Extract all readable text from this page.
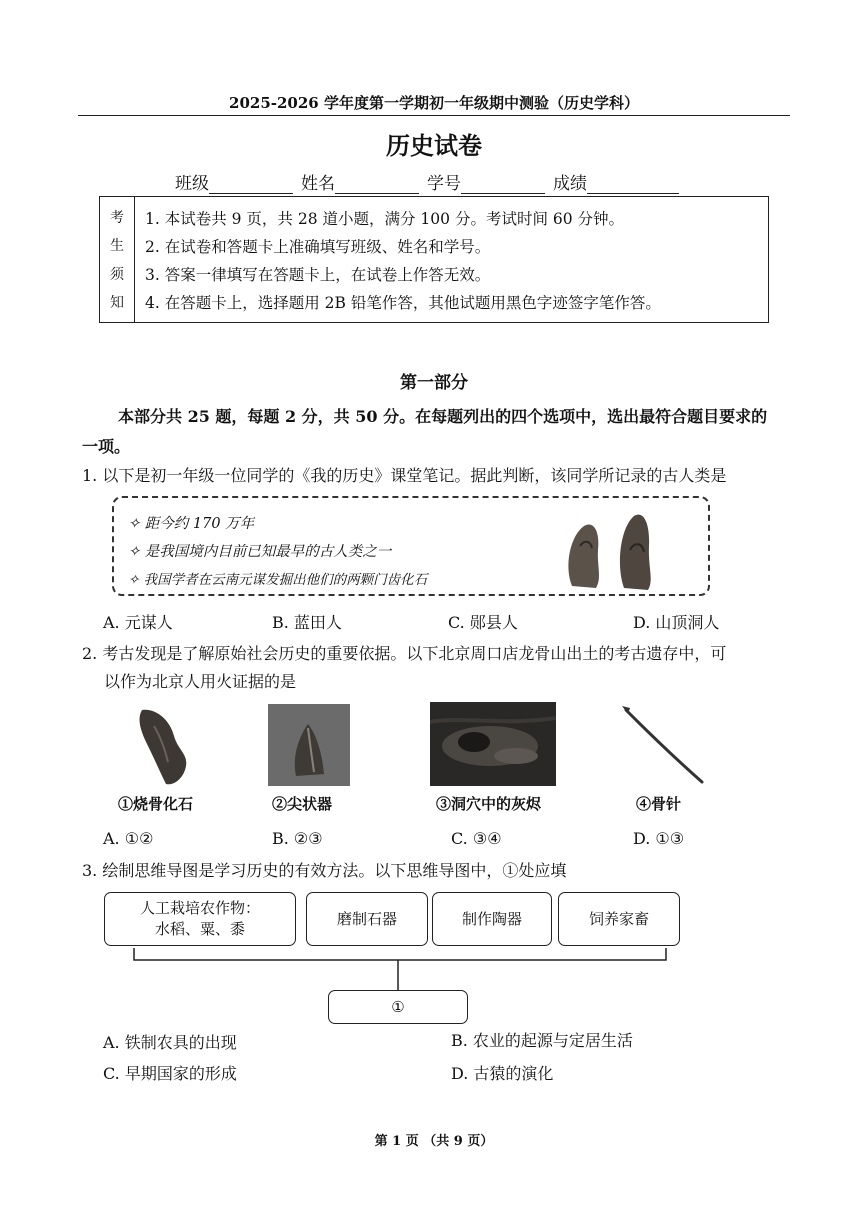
2025-2026 学年度第一学期初一年级期中测验（历史学科）
历史试卷
班级	姓名	学号	成绩
考
生
须
知
1. 本试卷共 9 页，共 28 道小题，满分 100 分。考试时间 60 分钟。
2. 在试卷和答题卡上准确填写班级、姓名和学号。
3. 答案一律填写在答题卡上，在试卷上作答无效。
4. 在答题卡上，选择题用 2B 铅笔作答，其他试题用黑色字迹签字笔作答。
第一部分
本部分共 25 题，每题 2 分，共 50 分。在每题列出的四个选项中，选出最符合题目要求的一项。
1. 以下是初一年级一位同学的《我的历史》课堂笔记。据此判断，该同学所记录的古人类是
✧ 距今约 170 万年
✧ 是我国境内目前已知最早的古人类之一
✧ 我国学者在云南元谋发掘出他们的两颗门齿化石
A. 元谋人	B. 蓝田人	C. 郧县人	D. 山顶洞人
2. 考古发现是了解原始社会历史的重要依据。以下北京周口店龙骨山出土的考古遗存中，可
以作为北京人用火证据的是
①烧骨化石	②尖状器	③洞穴中的灰烬	④骨针
A. ①②	B. ②③	C. ③④	D. ①③
3. 绘制思维导图是学习历史的有效方法。以下思维导图中，①处应填
人工栽培农作物：
水稻、粟、黍
磨制石器	制作陶器	饲养家畜
①
A. 铁制农具的出现	B. 农业的起源与定居生活
C. 早期国家的形成	D. 古猿的演化
第 1 页 （共 9 页）
